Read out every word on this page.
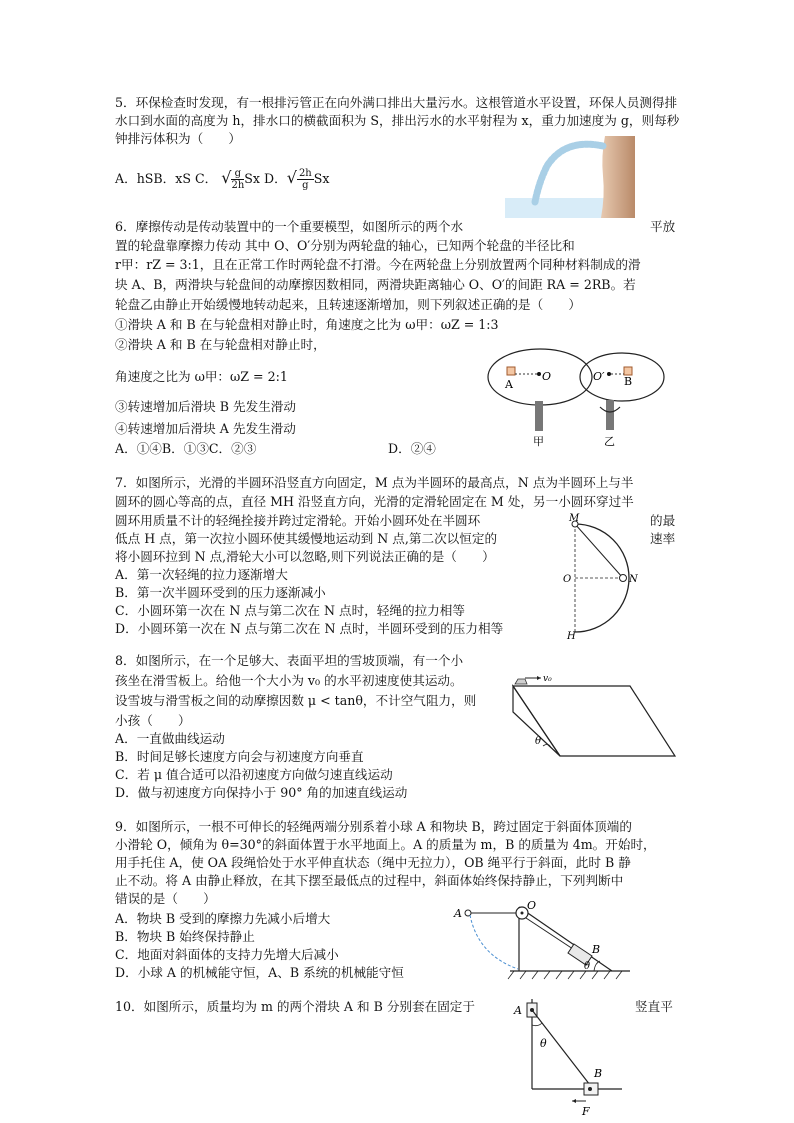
5．环保检查时发现，有一根排污管正在向外满口排出大量污水。这根管道水平设置，环保人员测得排水口到水面的高度为 h，排水口的横截面积为 S，排出污水的水平射程为 x，重力加速度为 g，则每秒钟排污体积为（　　）
A．hSB．xS C． √ $\frac{g}{2h}$ Sx D．√ $\frac{2h}{g}$ Sx
6．摩擦传动是传动装置中的一个重要模型，如图所示的两个水	平放
置的轮盘靠摩擦力传动 其中 O、O′分别为两轮盘的轴心，已知两个轮盘的半径比和
r甲：rZ = 3:1，且在正常工作时两轮盘不打滑。今在两轮盘上分别放置两个同种材料制成的滑
块 A、B，两滑块与轮盘间的动摩擦因数相同，两滑块距离轴心 O、O′的间距 RA = 2RB。若
轮盘乙由静止开始缓慢地转动起来，且转速逐渐增加，则下列叙述正确的是（　　）
①滑块 A 和 B 在与轮盘相对静止时，角速度之比为 ω甲：ωZ = 1:3
②滑块 A 和 B 在与轮盘相对静止时，
角速度之比为 ω甲：ωZ = 2:1
③转速增加后滑块 B 先发生滑动
④转速增加后滑块 A 先发生滑动
A．①④B．①③C．②③	D．②④
A
O	O′ B
甲	乙
7．如图所示，光滑的半圆环沿竖直方向固定，M 点为半圆环的最高点，N 点为半圆环上与半
圆环的圆心等高的点，直径 MH 沿竖直方向，光滑的定滑轮固定在 M 处，另一小圆环穿过半
圆环用质量不计的轻绳拴接并跨过定滑轮。开始小圆环处在半圆环	的最
低点 H 点，第一次拉小圆环使其缓慢地运动到 N 点,第二次以恒定的	速率
将小圆环拉到 N 点,滑轮大小可以忽略,则下列说法正确的是（　　）
A．第一次轻绳的拉力逐渐增大
B．第一次半圆环受到的压力逐渐减小
C．小圆环第一次在 N 点与第二次在 N 点时，轻绳的拉力相等
D．小圆环第一次在 N 点与第二次在 N 点时，半圆环受到的压力相等
M
O	N
H
8．如图所示，在一个足够大、表面平坦的雪坡顶端，有一个小
孩坐在滑雪板上。给他一个大小为 v₀ 的水平初速度使其运动。
设雪坡与滑雪板之间的动摩擦因数 μ < tanθ，不计空气阻力，则
小孩（　　）
A．一直做曲线运动
B．时间足够长速度方向会与初速度方向垂直
C．若 μ 值合适可以沿初速度方向做匀速直线运动
D．做与初速度方向保持小于 90° 角的加速直线运动
v₀
θ
9．如图所示，一根不可伸长的轻绳两端分别系着小球 A 和物块 B，跨过固定于斜面体顶端的
小滑轮 O，倾角为 θ=30°的斜面体置于水平地面上。A 的质量为 m，B 的质量为 4m。开始时，
用手托住 A，使 OA 段绳恰处于水平伸直状态（绳中无拉力），OB 绳平行于斜面，此时 B 静
止不动。将 A 由静止释放，在其下摆至最低点的过程中，斜面体始终保持静止，下列判断中
错误的是（　　）
A．物块 B 受到的摩擦力先减小后增大
B．物块 B 始终保持静止
C．地面对斜面体的支持力先增大后减小
D．小球 A 的机械能守恒，A、B 系统的机械能守恒
A
O
B
θ
10．如图所示，质量均为 m 的两个滑块 A 和 B 分别套在固定于	竖直平
A
θ
B
F
